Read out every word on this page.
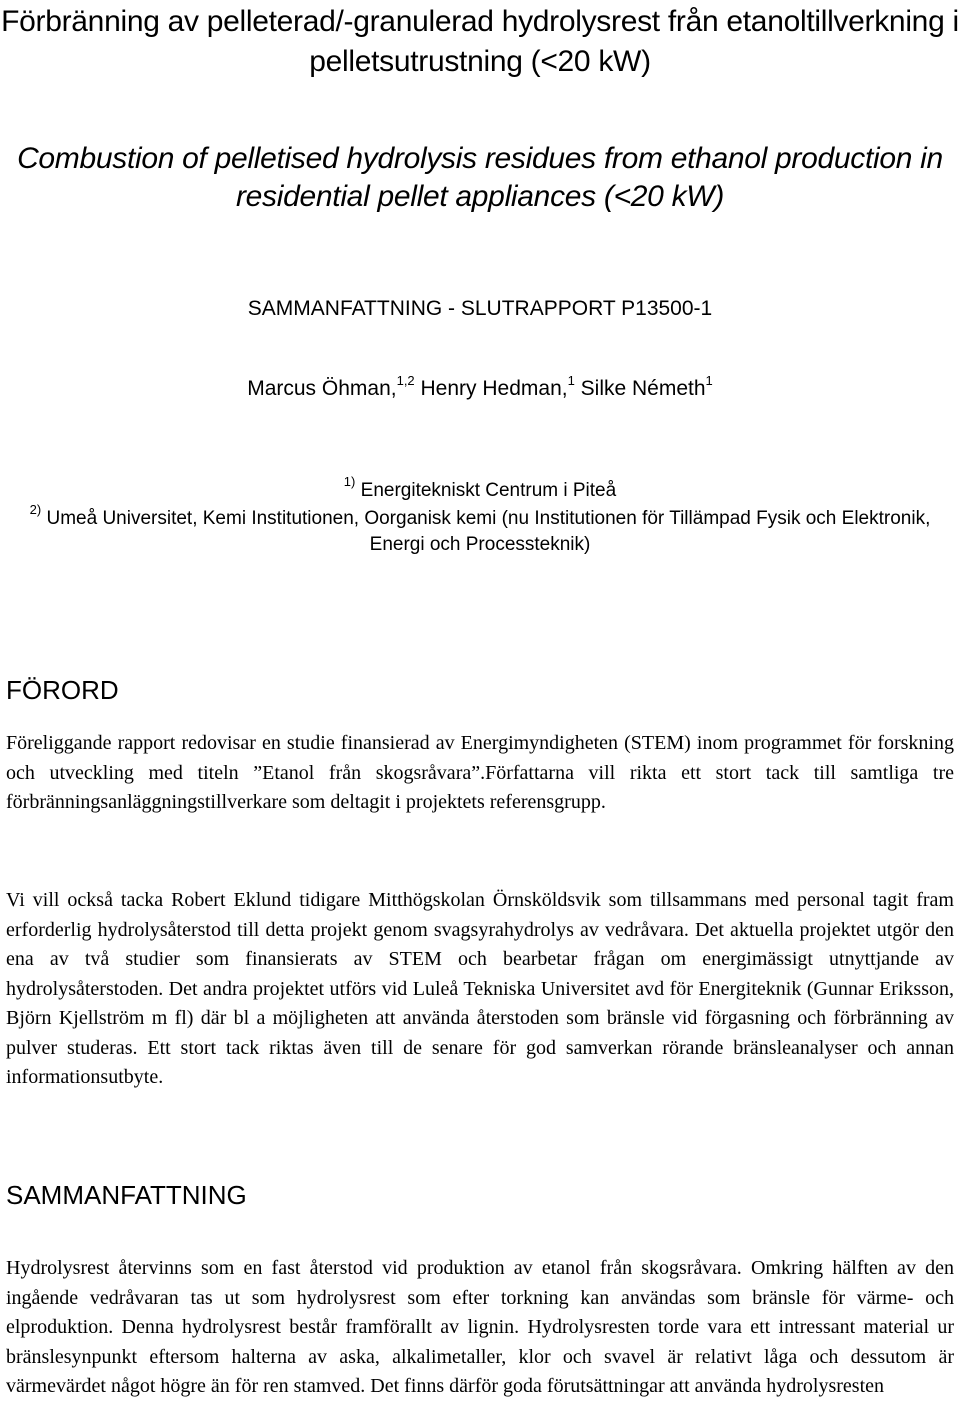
Förbränning av pelleterad/-granulerad hydrolysrest från etanoltillverkning i pelletsutrustning (<20 kW)
Combustion of pelletised hydrolysis residues from ethanol production in residential pellet appliances (<20 kW)
SAMMANFATTNING - SLUTRAPPORT P13500-1
Marcus Öhman,$^{1,2}$ Henry Hedman,$^1$ Silke Németh$^1$
$^{1)}$ Energitekniskt Centrum i Piteå
$^{2)}$ Umeå Universitet, Kemi Institutionen, Oorganisk kemi (nu Institutionen för Tillämpad Fysik och Elektronik, Energi och Processteknik)
FÖRORD

Föreliggande rapport redovisar en studie finansierad av Energimyndigheten (STEM) inom programmet för forskning och utveckling med titeln ”Etanol från skogsråvara”.Författarna vill rikta ett stort tack till samtliga tre förbränningsanläggningstillverkare som deltagit i projektets referensgrupp.

Vi vill också tacka Robert Eklund tidigare Mitthögskolan Örnsköldsvik som tillsammans med personal tagit fram erforderlig hydrolysåterstod till detta projekt genom svagsyrahydrolys av vedråvara. Det aktuella projektet utgör den ena av två studier som finansierats av STEM och bearbetar frågan om energimässigt utnyttjande av hydrolysåterstoden. Det andra projektet utförs vid Luleå Tekniska Universitet avd för Energiteknik (Gunnar Eriksson, Björn Kjellström m fl) där bl a möjligheten att använda återstoden som bränsle vid förgasning och förbränning av pulver studeras. Ett stort tack riktas även till de senare för god samverkan rörande bränsleanalyser och annan informationsutbyte.

SAMMANFATTNING

Hydrolysrest återvinns som en fast återstod vid produktion av etanol från skogsråvara. Omkring hälften av den ingående vedråvaran tas ut som hydrolysrest som efter torkning kan användas som bränsle för värme- och elproduktion. Denna hydrolysrest består framförallt av lignin. Hydrolysresten torde vara ett intressant material ur bränslesynpunkt eftersom halterna av aska, alkalimetaller, klor och svavel är relativt låga och dessutom är värmevärdet något högre än för ren stamved. Det finns därför goda förutsättningar att använda hydrolysresten
